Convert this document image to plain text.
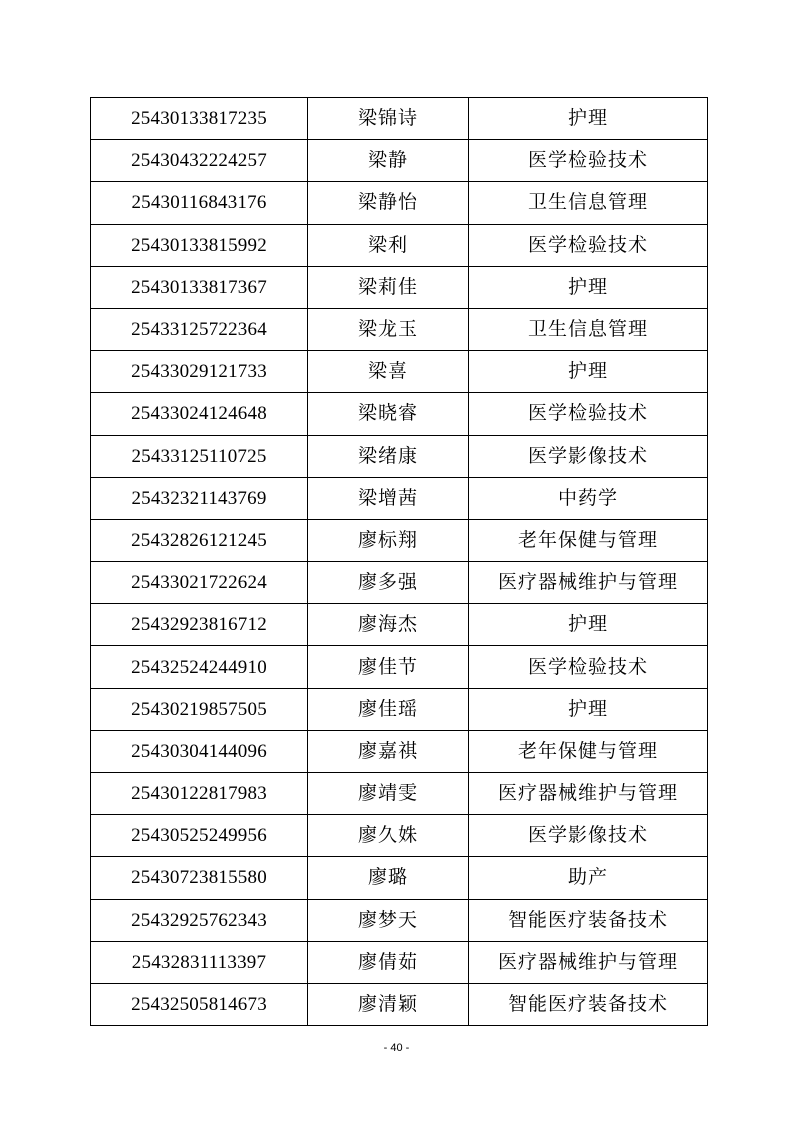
25430133817235	梁锦诗	护理
25430432224257	梁静	医学检验技术
25430116843176	梁静怡	卫生信息管理
25430133815992	梁利	医学检验技术
25430133817367	梁莉佳	护理
25433125722364	梁龙玉	卫生信息管理
25433029121733	梁喜	护理
25433024124648	梁晓睿	医学检验技术
25433125110725	梁绪康	医学影像技术
25432321143769	梁增茜	中药学
25432826121245	廖标翔	老年保健与管理
25433021722624	廖多强	医疗器械维护与管理
25432923816712	廖海杰	护理
25432524244910	廖佳节	医学检验技术
25430219857505	廖佳瑶	护理
25430304144096	廖嘉祺	老年保健与管理
25430122817983	廖靖雯	医疗器械维护与管理
25430525249956	廖久姝	医学影像技术
25430723815580	廖璐	助产
25432925762343	廖梦天	智能医疗装备技术
25432831113397	廖倩茹	医疗器械维护与管理
25432505814673	廖清颖	智能医疗装备技术
- 40 -
